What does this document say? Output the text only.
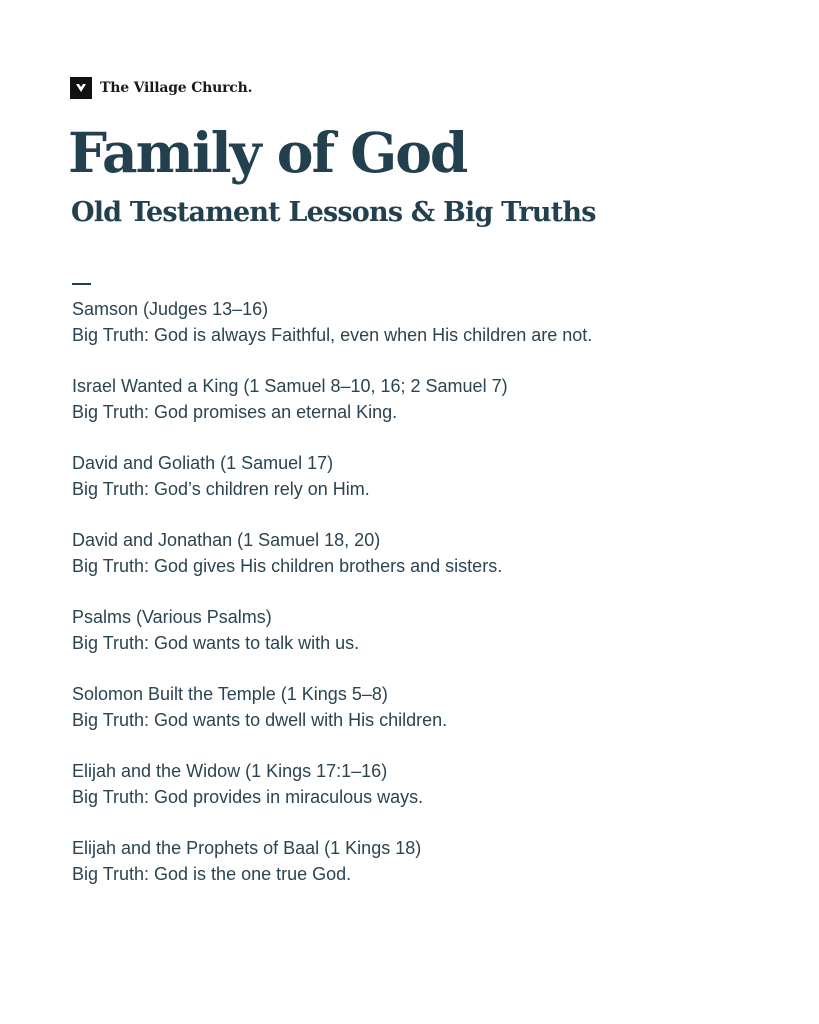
The Village Church.
Family of God
Old Testament Lessons & Big Truths
Samson (Judges 13–16)
Big Truth: God is always Faithful, even when His children are not.
Israel Wanted a King (1 Samuel 8–10, 16; 2 Samuel 7)
Big Truth: God promises an eternal King.
David and Goliath (1 Samuel 17)
Big Truth: God’s children rely on Him.
David and Jonathan (1 Samuel 18, 20)
Big Truth: God gives His children brothers and sisters.
Psalms (Various Psalms)
Big Truth: God wants to talk with us.
Solomon Built the Temple (1 Kings 5–8)
Big Truth: God wants to dwell with His children.
Elijah and the Widow (1 Kings 17:1–16)
Big Truth: God provides in miraculous ways.
Elijah and the Prophets of Baal (1 Kings 18)
Big Truth: God is the one true God.
